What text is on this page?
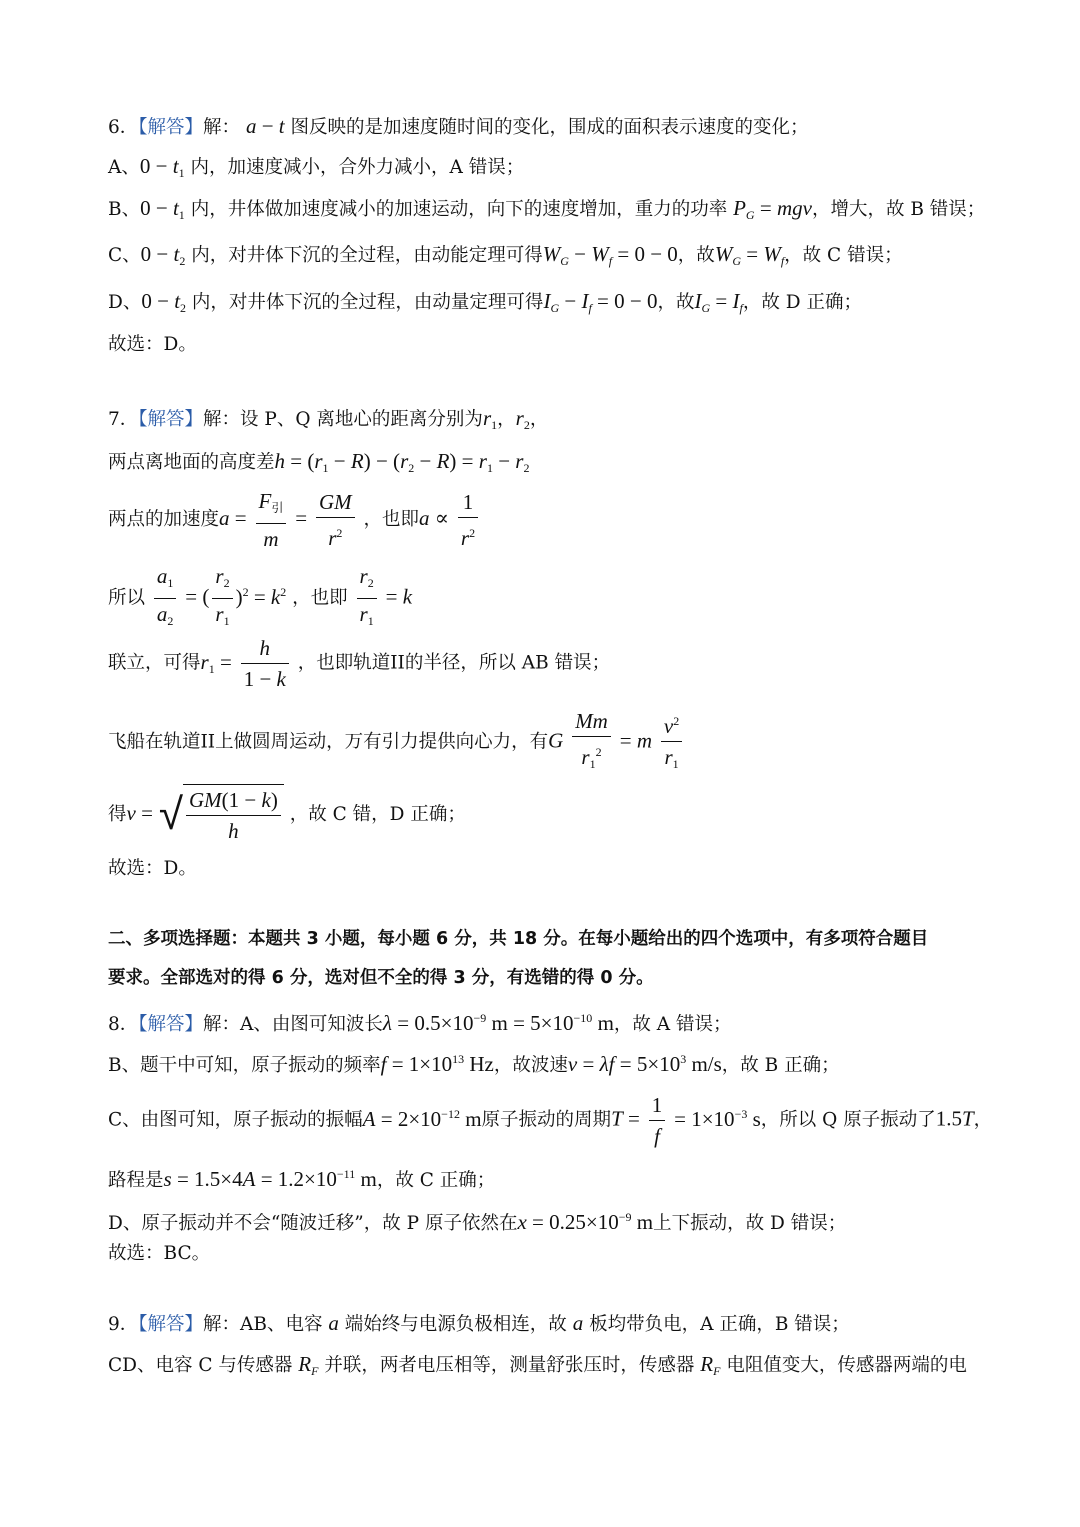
6．【解答】解： a − t 图反映的是加速度随时间的变化，围成的面积表示速度的变化；
A、$0 - t_1$ 内，加速度减小，合外力减小，A 错误；
B、$0 - t_1$ 内，井体做加速度减小的加速运动，向下的速度增加，重力的功率 $P_G$ = mgv，增大，故 B 错误；
C、$0 - t_2$ 内，对井体下沉的全过程，由动能定理可得$W_G - W_f = 0 - 0$，故$W_G = W_f$，故 C 错误；
D、$0 - t_2$ 内，对井体下沉的全过程，由动量定理可得$I_G - I_f = 0 - 0$，故$I_G = I_f$，故 D 正确；
故选：D。
7．【解答】解：设 P、Q 离地心的距离分别为$r_1$，$r_2$，
两点离地面的高度差$h = (r_1 - R) - (r_2 - R) = r_1 - r_2$
两点的加速度$a = \frac{F_引}{m} = \frac{GM}{r^2}$ ，也即$a \propto \frac{1}{r^2}$
所以 $\frac{a_1}{a_2}$ = ( $\frac{r_2}{r_1} )^2 = k^2$ ，也即 $\frac{r_2}{r_1} = k$
联立，可得$r_1 = \frac{h}{1 - k}$ ，也即轨道II的半径，所以 AB 错误；
飞船在轨道II上做圆周运动，万有引力提供向心力，有G $\frac{Mm}{r_1^2} = m \frac{v^2}{r_1}$
得v = √ $\frac{GM(1 - k)}{h}$ ，故 C 错，D 正确；
故选：D。
二、多项选择题：本题共 3 小题，每小题 6 分，共 18 分。在每小题给出的四个选项中，有多项符合题目
要求。全部选对的得 6 分，选对但不全的得 3 分，有选错的得 0 分。
8．【解答】解：A、由图可知波长$\lambda = 0.5\times 10^{-9}$ $m = 5\times 10^{-10}$ m，故 A 错误；
B、题干中可知，原子振动的频率$f = 1\times 10^{13}$ Hz，故波速$v = \lambda f = 5\times 10^3$ m/s，故 B 正确；
C、由图可知，原子振动的振幅$A = 2\times 10^{-12}$ m原子振动的周期$T = \frac{1}{f} = 1\times 10^{-3}$ s，所以 Q 原子振动了1.5T，
路程是$s = 1.5\times 4A = 1.2\times 10^{-11}$ m，故 C 正确；
D、原子振动并不会“随波迁移”，故 P 原子依然在$x = 0.25\times 10^{-9}$ m上下振动，故 D 错误；
故选：BC。
9．【解答】解：AB、电容 a 端始终与电源负极相连，故 a 板均带负电，A 正确，B 错误；
CD、电容 C 与传感器 $R_F$ 并联，两者电压相等，测量舒张压时，传感器 $R_F$ 电阻值变大，传感器两端的电
